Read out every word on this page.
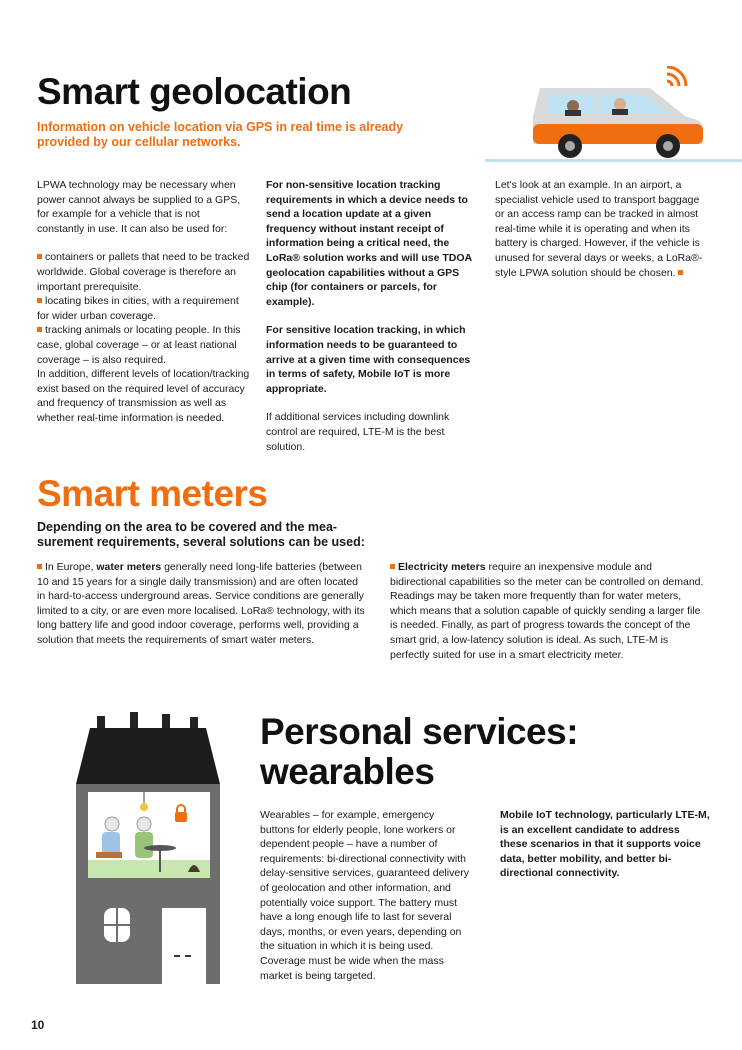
Smart geolocation
Information on vehicle location via GPS in real time is already
provided by our cellular networks.

LPWA technology may be necessary when power cannot always be supplied to a GPS, for example for a vehicle that is not constantly in use. It can also be used for:

containers or pallets that need to be tracked worldwide. Global coverage is therefore an important prerequisite.

locating bikes in cities, with a requirement for wider urban coverage.

tracking animals or locating people. In this case, global coverage – or at least national coverage – is also required.

In addition, different levels of location/tracking exist based on the required level of accuracy and frequency of transmission as well as whether real-time information is needed.

For non-sensitive location tracking requirements in which a device needs to send a location update at a given frequency without instant receipt of information being a critical need, the LoRa® solution works and will use TDOA geolocation capabilities without a GPS chip (for containers or parcels, for example).

For sensitive location tracking, in which information needs to be guaranteed to arrive at a given time with consequences in terms of safety, Mobile IoT is more appropriate.

If additional services including downlink control are required, LTE-M is the best solution.

Let's look at an example. In an airport, a specialist vehicle used to transport baggage or an access ramp can be tracked in almost real-time while it is operating and when its battery is charged. However, if the vehicle is unused for several days or weeks, a LoRa®-style LPWA solution should be chosen.

Smart meters
Depending on the area to be covered and the mea-
surement requirements, several solutions can be used:

In Europe, water meters generally need long-life batteries (between 10 and 15 years for a single daily transmission) and are often located in hard-to-access underground areas. Service conditions are generally limited to a city, or are even more localised. LoRa® technology, with its long battery life and good indoor coverage, performs well, providing a solution that meets the requirements of smart water meters.

Electricity meters require an inexpensive module and bidirectional capabilities so the meter can be controlled on demand. Readings may be taken more frequently than for water meters, which means that a solution capable of quickly sending a larger file is needed. Finally, as part of progress towards the concept of the smart grid, a low-latency solution is ideal. As such, LTE-M is perfectly suited for use in a smart electricity meter.

Personal services:
wearables

Wearables – for example, emergency buttons for elderly people, lone workers or dependent people – have a number of requirements: bi-directional connectivity with delay-sensitive services, guaranteed delivery of geolocation and other information, and potentially voice support. The battery must have a long enough life to last for several days, months, or even years, depending on the situation in which it is being used. Coverage must be wide when the mass market is being targeted.

Mobile IoT technology, particularly LTE-M, is an excellent candidate to address these scenarios in that it supports voice data, better mobility, and better bi-directional connectivity.

10
